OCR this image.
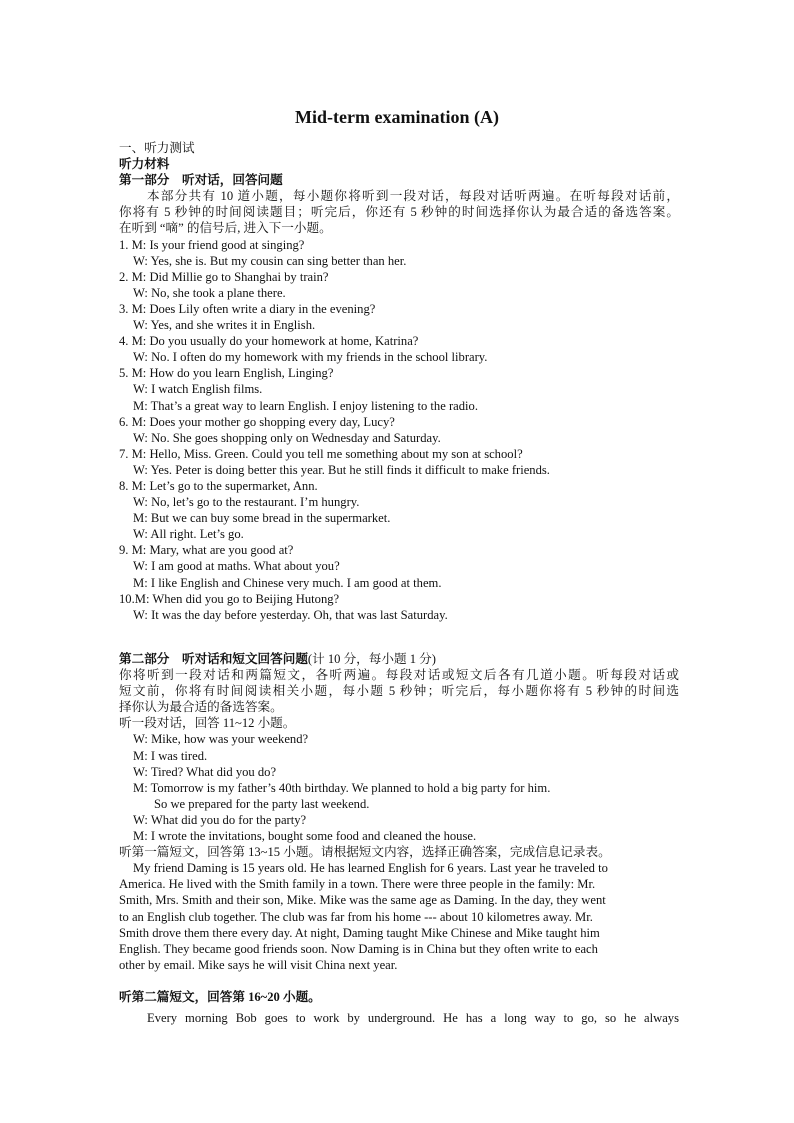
Mid-term examination (A)
一、听力测试
听力材料
第一部分　听对话，回答问题
本部分共有 10 道小题，每小题你将听到一段对话，每段对话听两遍。在听每段对话前，
你将有 5 秒钟的时间阅读题目；听完后，你还有 5 秒钟的时间选择你认为最合适的备选答案。
在听到 “嘀” 的信号后, 进入下一小题。
1. M: Is your friend good at singing?
W: Yes, she is. But my cousin can sing better than her.
2. M: Did Millie go to Shanghai by train?
W: No, she took a plane there.
3. M: Does Lily often write a diary in the evening?
W: Yes, and she writes it in English.
4. M: Do you usually do your homework at home, Katrina?
W: No. I often do my homework with my friends in the school library.
5. M: How do you learn English, Linging?
W: I watch English films.
M: That’s a great way to learn English. I enjoy listening to the radio.
6. M: Does your mother go shopping every day, Lucy?
W: No. She goes shopping only on Wednesday and Saturday.
7. M: Hello, Miss. Green. Could you tell me something about my son at school?
W: Yes. Peter is doing better this year. But he still finds it difficult to make friends.
8. M: Let’s go to the supermarket, Ann.
W: No, let’s go to the restaurant. I’m hungry.
M: But we can buy some bread in the supermarket.
W: All right. Let’s go.
9. M: Mary, what are you good at?
W: I am good at maths. What about you?
M: I like English and Chinese very much. I am good at them.
10.M: When did you go to Beijing Hutong?
W: It was the day before yesterday. Oh, that was last Saturday.
第二部分　听对话和短文回答问题(计 10 分，每小题 1 分)
你将听到一段对话和两篇短文，各听两遍。每段对话或短文后各有几道小题。听每段对话或
短文前，你将有时间阅读相关小题，每小题 5 秒钟；听完后，每小题你将有 5 秒钟的时间选
择你认为最合适的备选答案。
听一段对话，回答 11~12 小题。
W: Mike, how was your weekend?
M: I was tired.
W: Tired? What did you do?
M: Tomorrow is my father’s 40th birthday. We planned to hold a big party for him.
So we prepared for the party last weekend.
W: What did you do for the party?
M: I wrote the invitations, bought some food and cleaned the house.
听第一篇短文，回答第 13~15 小题。请根据短文内容，选择正确答案，完成信息记录表。
My friend Daming is 15 years old. He has learned English for 6 years. Last year he traveled to
America. He lived with the Smith family in a town. There were three people in the family: Mr.
Smith, Mrs. Smith and their son, Mike. Mike was the same age as Daming. In the day, they went
to an English club together. The club was far from his home --- about 10 kilometres away. Mr.
Smith drove them there every day. At night, Daming taught Mike Chinese and Mike taught him
English. They became good friends soon. Now Daming is in China but they often write to each
other by email. Mike says he will visit China next year.
听第二篇短文，回答第 16~20 小题。
Every morning Bob goes to work by underground. He has a long way to go, so he always
